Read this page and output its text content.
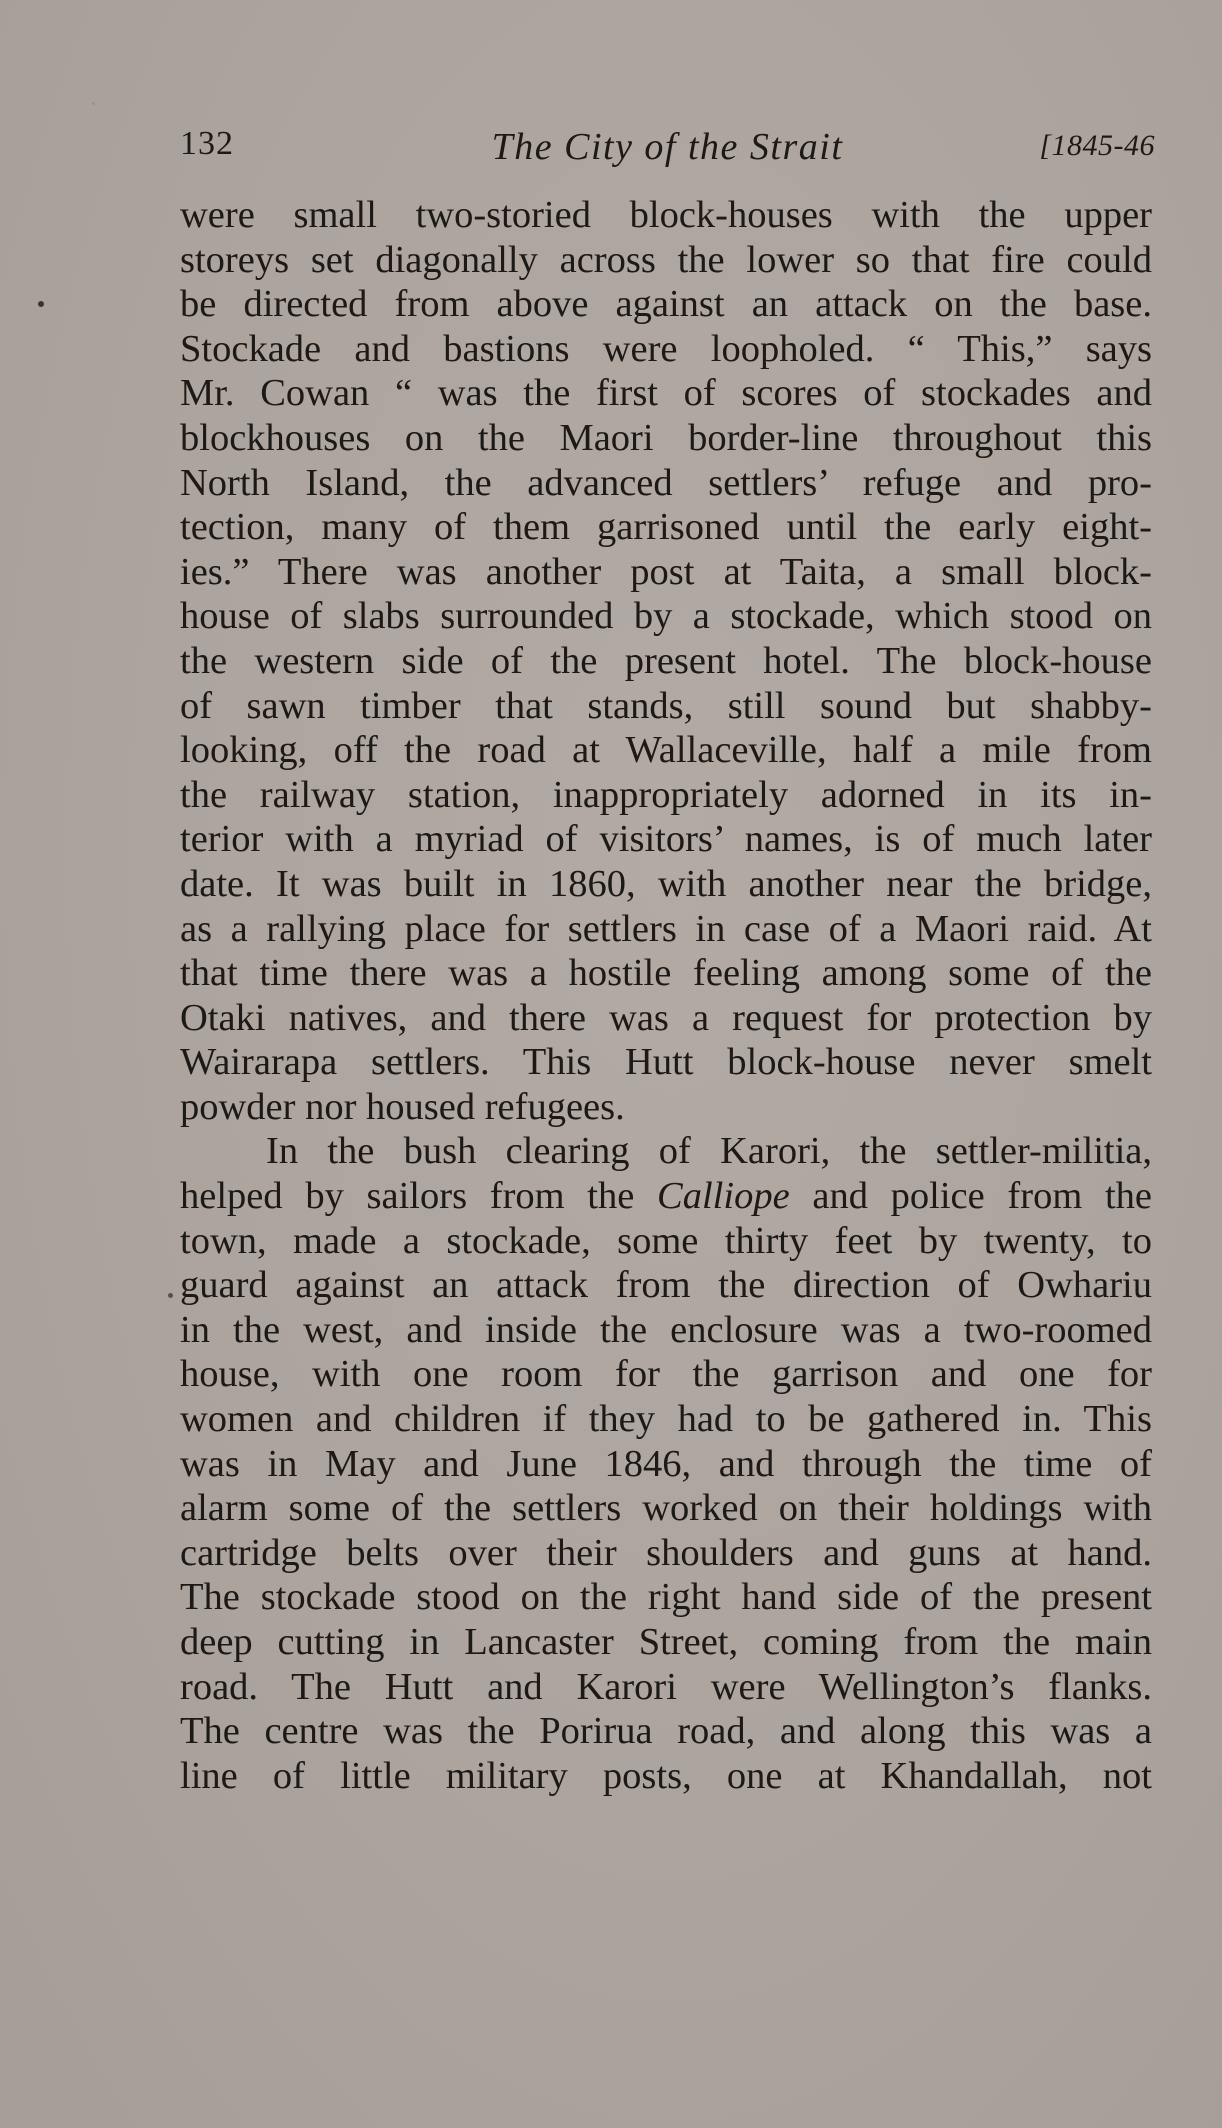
132	The City of the Strait	[1845-46
were small two-storied block-houses with the upper
storeys set diagonally across the lower so that fire could
be directed from above against an attack on the base.
Stockade and bastions were loopholed. “ This,” says
Mr. Cowan “ was the first of scores of stockades and
blockhouses on the Maori border-line throughout this
North Island, the advanced settlers’ refuge and pro-
tection, many of them garrisoned until the early eight-
ies.” There was another post at Taita, a small block-
house of slabs surrounded by a stockade, which stood on
the western side of the present hotel. The block-house
of sawn timber that stands, still sound but shabby-
looking, off the road at Wallaceville, half a mile from
the railway station, inappropriately adorned in its in-
terior with a myriad of visitors’ names, is of much later
date. It was built in 1860, with another near the bridge,
as a rallying place for settlers in case of a Maori raid. At
that time there was a hostile feeling among some of the
Otaki natives, and there was a request for protection by
Wairarapa settlers. This Hutt block-house never smelt
powder nor housed refugees.
In the bush clearing of Karori, the settler-militia,
helped by sailors from the Calliope and police from the
town, made a stockade, some thirty feet by twenty, to
guard against an attack from the direction of Owhariu
in the west, and inside the enclosure was a two-roomed
house, with one room for the garrison and one for
women and children if they had to be gathered in. This
was in May and June 1846, and through the time of
alarm some of the settlers worked on their holdings with
cartridge belts over their shoulders and guns at hand.
The stockade stood on the right hand side of the present
deep cutting in Lancaster Street, coming from the main
road. The Hutt and Karori were Wellington’s flanks.
The centre was the Porirua road, and along this was a
line of little military posts, one at Khandallah, not
